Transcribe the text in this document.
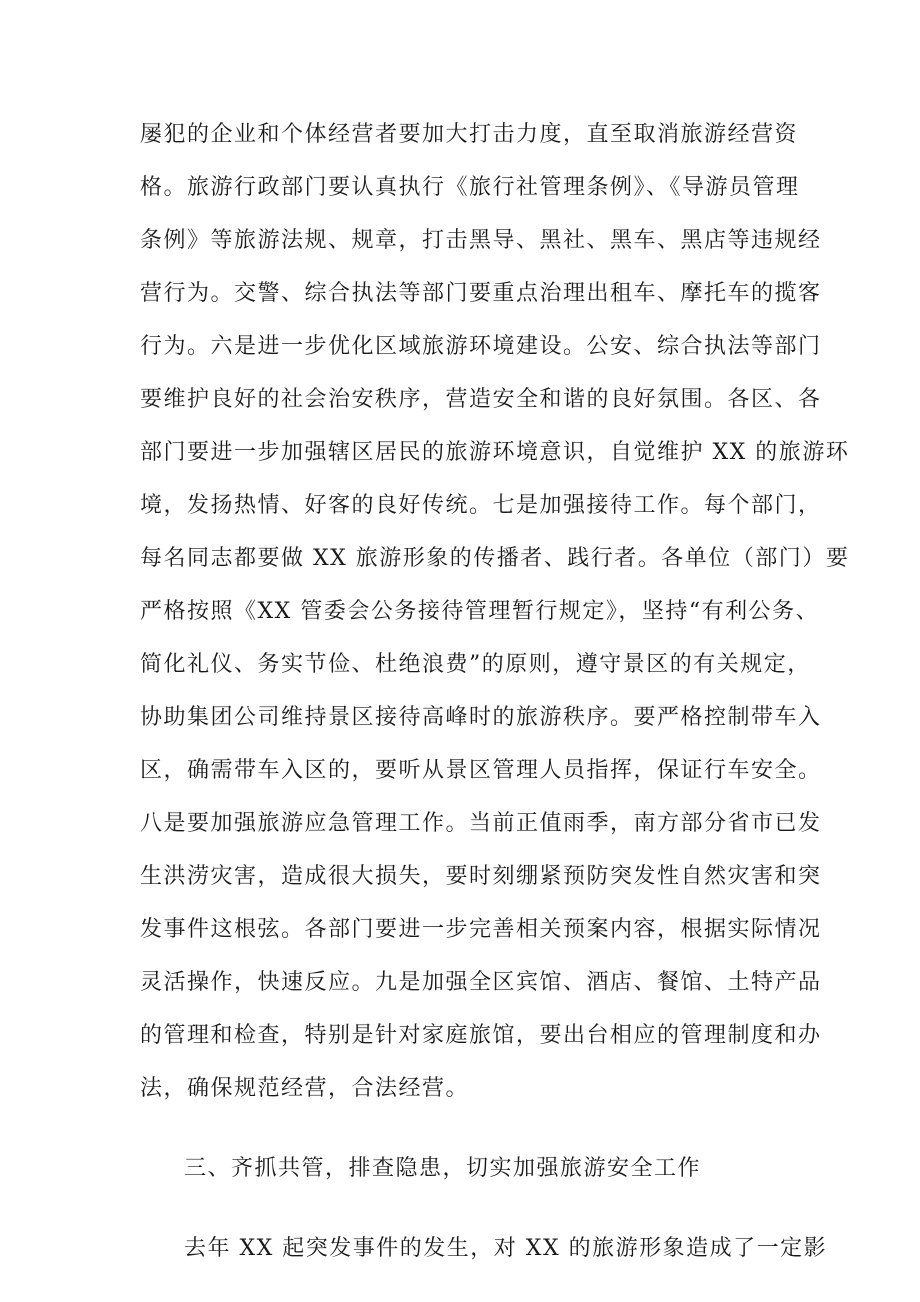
屡犯的企业和个体经营者要加大打击力度，直至取消旅游经营资
格。旅游行政部门要认真执行《旅行社管理条例》、《导游员管理
条例》等旅游法规、规章，打击黑导、黑社、黑车、黑店等违规经
营行为。交警、综合执法等部门要重点治理出租车、摩托车的揽客
行为。六是进一步优化区域旅游环境建设。公安、综合执法等部门
要维护良好的社会治安秩序，营造安全和谐的良好氛围。各区、各
部门要进一步加强辖区居民的旅游环境意识，自觉维护 XX 的旅游环
境，发扬热情、好客的良好传统。七是加强接待工作。每个部门，
每名同志都要做 XX 旅游形象的传播者、践行者。各单位（部门）要
严格按照《XX 管委会公务接待管理暂行规定》，坚持“有利公务、
简化礼仪、务实节俭、杜绝浪费”的原则，遵守景区的有关规定，
协助集团公司维持景区接待高峰时的旅游秩序。要严格控制带车入
区，确需带车入区的，要听从景区管理人员指挥，保证行车安全。
八是要加强旅游应急管理工作。当前正值雨季，南方部分省市已发
生洪涝灾害，造成很大损失，要时刻绷紧预防突发性自然灾害和突
发事件这根弦。各部门要进一步完善相关预案内容，根据实际情况
灵活操作，快速反应。九是加强全区宾馆、酒店、餐馆、土特产品
的管理和检查，特别是针对家庭旅馆，要出台相应的管理制度和办
法，确保规范经营，合法经营。
三、齐抓共管，排查隐患，切实加强旅游安全工作
去年 XX 起突发事件的发生，对 XX 的旅游形象造成了一定影
